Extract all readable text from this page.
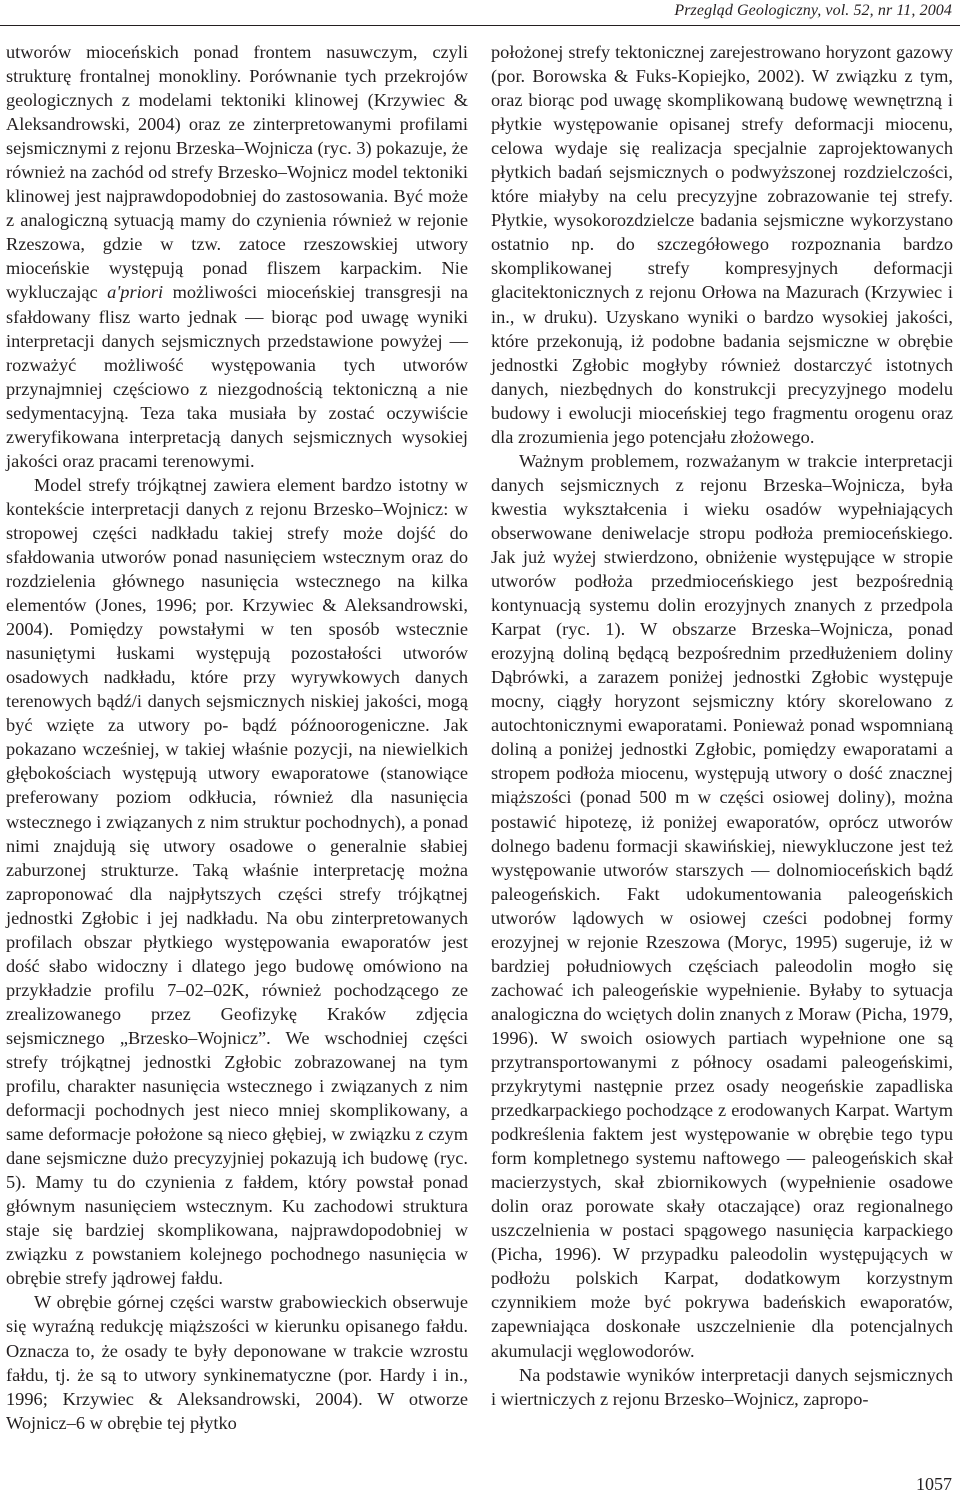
Przegląd Geologiczny, vol. 52, nr 11, 2004

utworów mioceńskich ponad frontem nasuwczym, czyli strukturę frontalnej monokliny. Porównanie tych przekrojów geologicznych z modelami tektoniki klinowej (Krzywiec & Aleksandrowski, 2004) oraz ze zinterpretowanymi profilami sejsmicznymi z rejonu Brzeska–Wojnicza (ryc. 3) pokazuje, że również na zachód od strefy Brzesko–Wojnicz model tektoniki klinowej jest najprawdopodobniej do zastosowania. Być może z analogiczną sytuacją mamy do czynienia również w rejonie Rzeszowa, gdzie w tzw. zatoce rzeszowskiej utwory mioceńskie występują ponad fliszem karpackim. Nie wykluczając a'priori możliwości mioceńskiej transgresji na sfałdowany flisz warto jednak — biorąc pod uwagę wyniki interpretacji danych sejsmicznych przedstawione powyżej — rozważyć możliwość występowania tych utworów przynajmniej częściowo z niezgodnością tektoniczną a nie sedymentacyjną. Teza taka musiała by zostać oczywiście zweryfikowana interpretacją danych sejsmicznych wysokiej jakości oraz pracami terenowymi.

Model strefy trójkątnej zawiera element bardzo istotny w kontekście interpretacji danych z rejonu Brzesko–Wojnicz: w stropowej części nadkładu takiej strefy może dojść do sfałdowania utworów ponad nasunięciem wstecznym oraz do rozdzielenia głównego nasunięcia wstecznego na kilka elementów (Jones, 1996; por. Krzywiec & Aleksandrowski, 2004). Pomiędzy powstałymi w ten sposób wstecznie nasuniętymi łuskami występują pozostałości utworów osadowych nadkładu, które przy wyrywkowych danych terenowych bądź/i danych sejsmicznych niskiej jakości, mogą być wzięte za utwory po- bądź późnoorogeniczne. Jak pokazano wcześniej, w takiej właśnie pozycji, na niewielkich głębokościach występują utwory ewaporatowe (stanowiące preferowany poziom odkłucia, również dla nasunięcia wstecznego i związanych z nim struktur pochodnych), a ponad nimi znajdują się utwory osadowe o generalnie słabiej zaburzonej strukturze. Taką właśnie interpretację można zaproponować dla najpłytszych części strefy trójkątnej jednostki Zgłobic i jej nadkładu. Na obu zinterpretowanych profilach obszar płytkiego występowania ewaporatów jest dość słabo widoczny i dlatego jego budowę omówiono na przykładzie profilu 7–02–02K, również pochodzącego ze zrealizowanego przez Geofizykę Kraków zdjęcia sejsmicznego „Brzesko–Wojnicz”. We wschodniej części strefy trójkątnej jednostki Zgłobic zobrazowanej na tym profilu, charakter nasunięcia wstecznego i związanych z nim deformacji pochodnych jest nieco mniej skomplikowany, a same deformacje położone są nieco głębiej, w związku z czym dane sejsmiczne dużo precyzyjniej pokazują ich budowę (ryc. 5). Mamy tu do czynienia z fałdem, który powstał ponad głównym nasunięciem wstecznym. Ku zachodowi struktura staje się bardziej skomplikowana, najprawdopodobniej w związku z powstaniem kolejnego pochodnego nasunięcia w obrębie strefy jądrowej fałdu.

W obrębie górnej części warstw grabowieckich obserwuje się wyraźną redukcję miąższości w kierunku opisanego fałdu. Oznacza to, że osady te były deponowane w trakcie wzrostu fałdu, tj. że są to utwory synkinematyczne (por. Hardy i in., 1996; Krzywiec & Aleksandrowski, 2004). W otworze Wojnicz–6 w obrębie tej płytko

położonej strefy tektonicznej zarejestrowano horyzont gazowy (por. Borowska & Fuks-Kopiejko, 2002). W związku z tym, oraz biorąc pod uwagę skomplikowaną budowę wewnętrzną i płytkie występowanie opisanej strefy deformacji miocenu, celowa wydaje się realizacja specjalnie zaprojektowanych płytkich badań sejsmicznych o podwyższonej rozdzielczości, które miałyby na celu precyzyjne zobrazowanie tej strefy. Płytkie, wysokorozdzielcze badania sejsmiczne wykorzystano ostatnio np. do szczegółowego rozpoznania bardzo skomplikowanej strefy kompresyjnych deformacji glacitektonicznych z rejonu Orłowa na Mazurach (Krzywiec i in., w druku). Uzyskano wyniki o bardzo wysokiej jakości, które przekonują, iż podobne badania sejsmiczne w obrębie jednostki Zgłobic mogłyby również dostarczyć istotnych danych, niezbędnych do konstrukcji precyzyjnego modelu budowy i ewolucji mioceńskiej tego fragmentu orogenu oraz dla zrozumienia jego potencjału złożowego.

Ważnym problemem, rozważanym w trakcie interpretacji danych sejsmicznych z rejonu Brzeska–Wojnicza, była kwestia wykształcenia i wieku osadów wypełniających obserwowane deniwelacje stropu podłoża premioceńskiego. Jak już wyżej stwierdzono, obniżenie występujące w stropie utworów podłoża przedmioceńskiego jest bezpośrednią kontynuacją systemu dolin erozyjnych znanych z przedpola Karpat (ryc. 1). W obszarze Brzeska–Wojnicza, ponad erozyjną doliną będącą bezpośrednim przedłużeniem doliny Dąbrówki, a zarazem poniżej jednostki Zgłobic występuje mocny, ciągły horyzont sejsmiczny który skorelowano z autochtonicznymi ewaporatami. Ponieważ ponad wspomnianą doliną a poniżej jednostki Zgłobic, pomiędzy ewaporatami a stropem podłoża miocenu, występują utwory o dość znacznej miąższości (ponad 500 m w części osiowej doliny), można postawić hipotezę, iż poniżej ewaporatów, oprócz utworów dolnego badenu formacji skawińskiej, niewykluczone jest też występowanie utworów starszych — dolnomioceńskich bądź paleogeńskich. Fakt udokumentowania paleogeńskich utworów lądowych w osiowej cześci podobnej formy erozyjnej w rejonie Rzeszowa (Moryc, 1995) sugeruje, iż w bardziej południowych częściach paleodolin mogło się zachować ich paleogeńskie wypełnienie. Byłaby to sytuacja analogiczna do wciętych dolin znanych z Moraw (Picha, 1979, 1996). W swoich osiowych partiach wypełnione one są przytransportowanymi z północy osadami paleogeńskimi, przykrytymi następnie przez osady neogeńskie zapadliska przedkarpackiego pochodzące z erodowanych Karpat. Wartym podkreślenia faktem jest występowanie w obrębie tego typu form kompletnego systemu naftowego — paleogeńskich skał macierzystych, skał zbiornikowych (wypełnienie osadowe dolin oraz porowate skały otaczające) oraz regionalnego uszczelnienia w postaci spągowego nasunięcia karpackiego (Picha, 1996). W przypadku paleodolin występujących w podłożu polskich Karpat, dodatkowym korzystnym czynnikiem może być pokrywa badeńskich ewaporatów, zapewniająca doskonałe uszczelnienie dla potencjalnych akumulacji węglowodorów.

Na podstawie wyników interpretacji danych sejsmicznych i wiertniczych z rejonu Brzesko–Wojnicz, zapropo-

1057
